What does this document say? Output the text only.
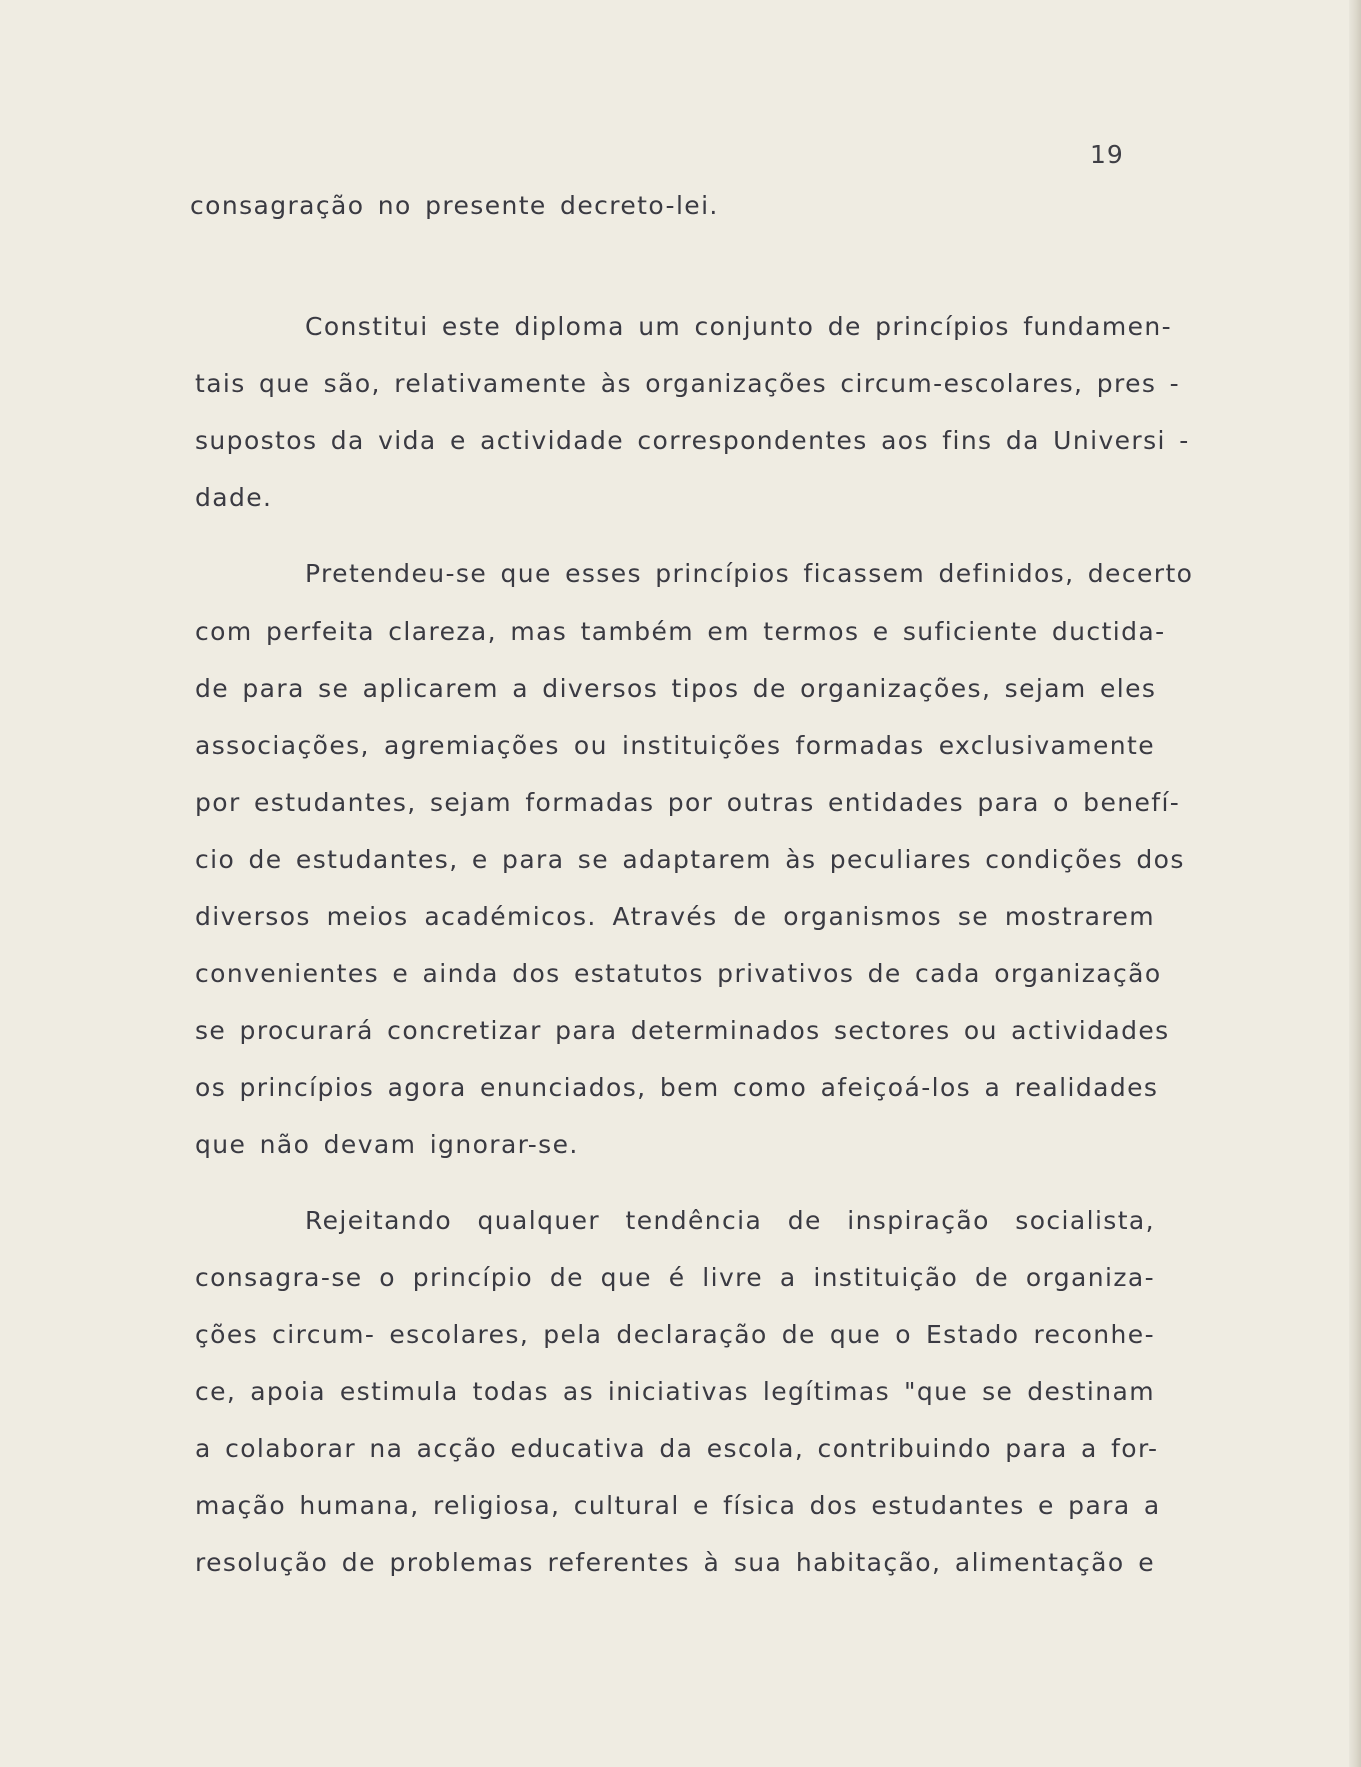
19
consagração no presente decreto-lei.
Constitui este diploma um conjunto de princípios fundamen-
tais que são, relativamente às organizações circum-escolares, pres -
supostos da vida e actividade correspondentes aos fins da Universi -
dade.
Pretendeu-se que esses princípios ficassem definidos, decerto
com perfeita clareza, mas também em termos e suficiente ductida-
de para se aplicarem a diversos tipos de organizações, sejam eles
associações, agremiações ou instituições formadas exclusivamente
por estudantes, sejam formadas por outras entidades para o benefí-
cio de estudantes, e para se adaptarem às peculiares condições dos
diversos meios académicos. Através de organismos se mostrarem
convenientes e ainda dos estatutos privativos de cada organização
se procurará concretizar para determinados sectores ou actividades
os princípios agora enunciados, bem como afeiçoá-los a realidades
que não devam ignorar-se.
Rejeitando qualquer tendência de inspiração socialista,
consagra-se o princípio de que é livre a instituição de organiza-
ções circum- escolares, pela declaração de que o Estado reconhe-
ce, apoia estimula todas as iniciativas legítimas "que se destinam
a colaborar na acção educativa da escola, contribuindo para a for-
mação humana, religiosa, cultural e física dos estudantes e para a
resolução de problemas referentes à sua habitação, alimentação e
